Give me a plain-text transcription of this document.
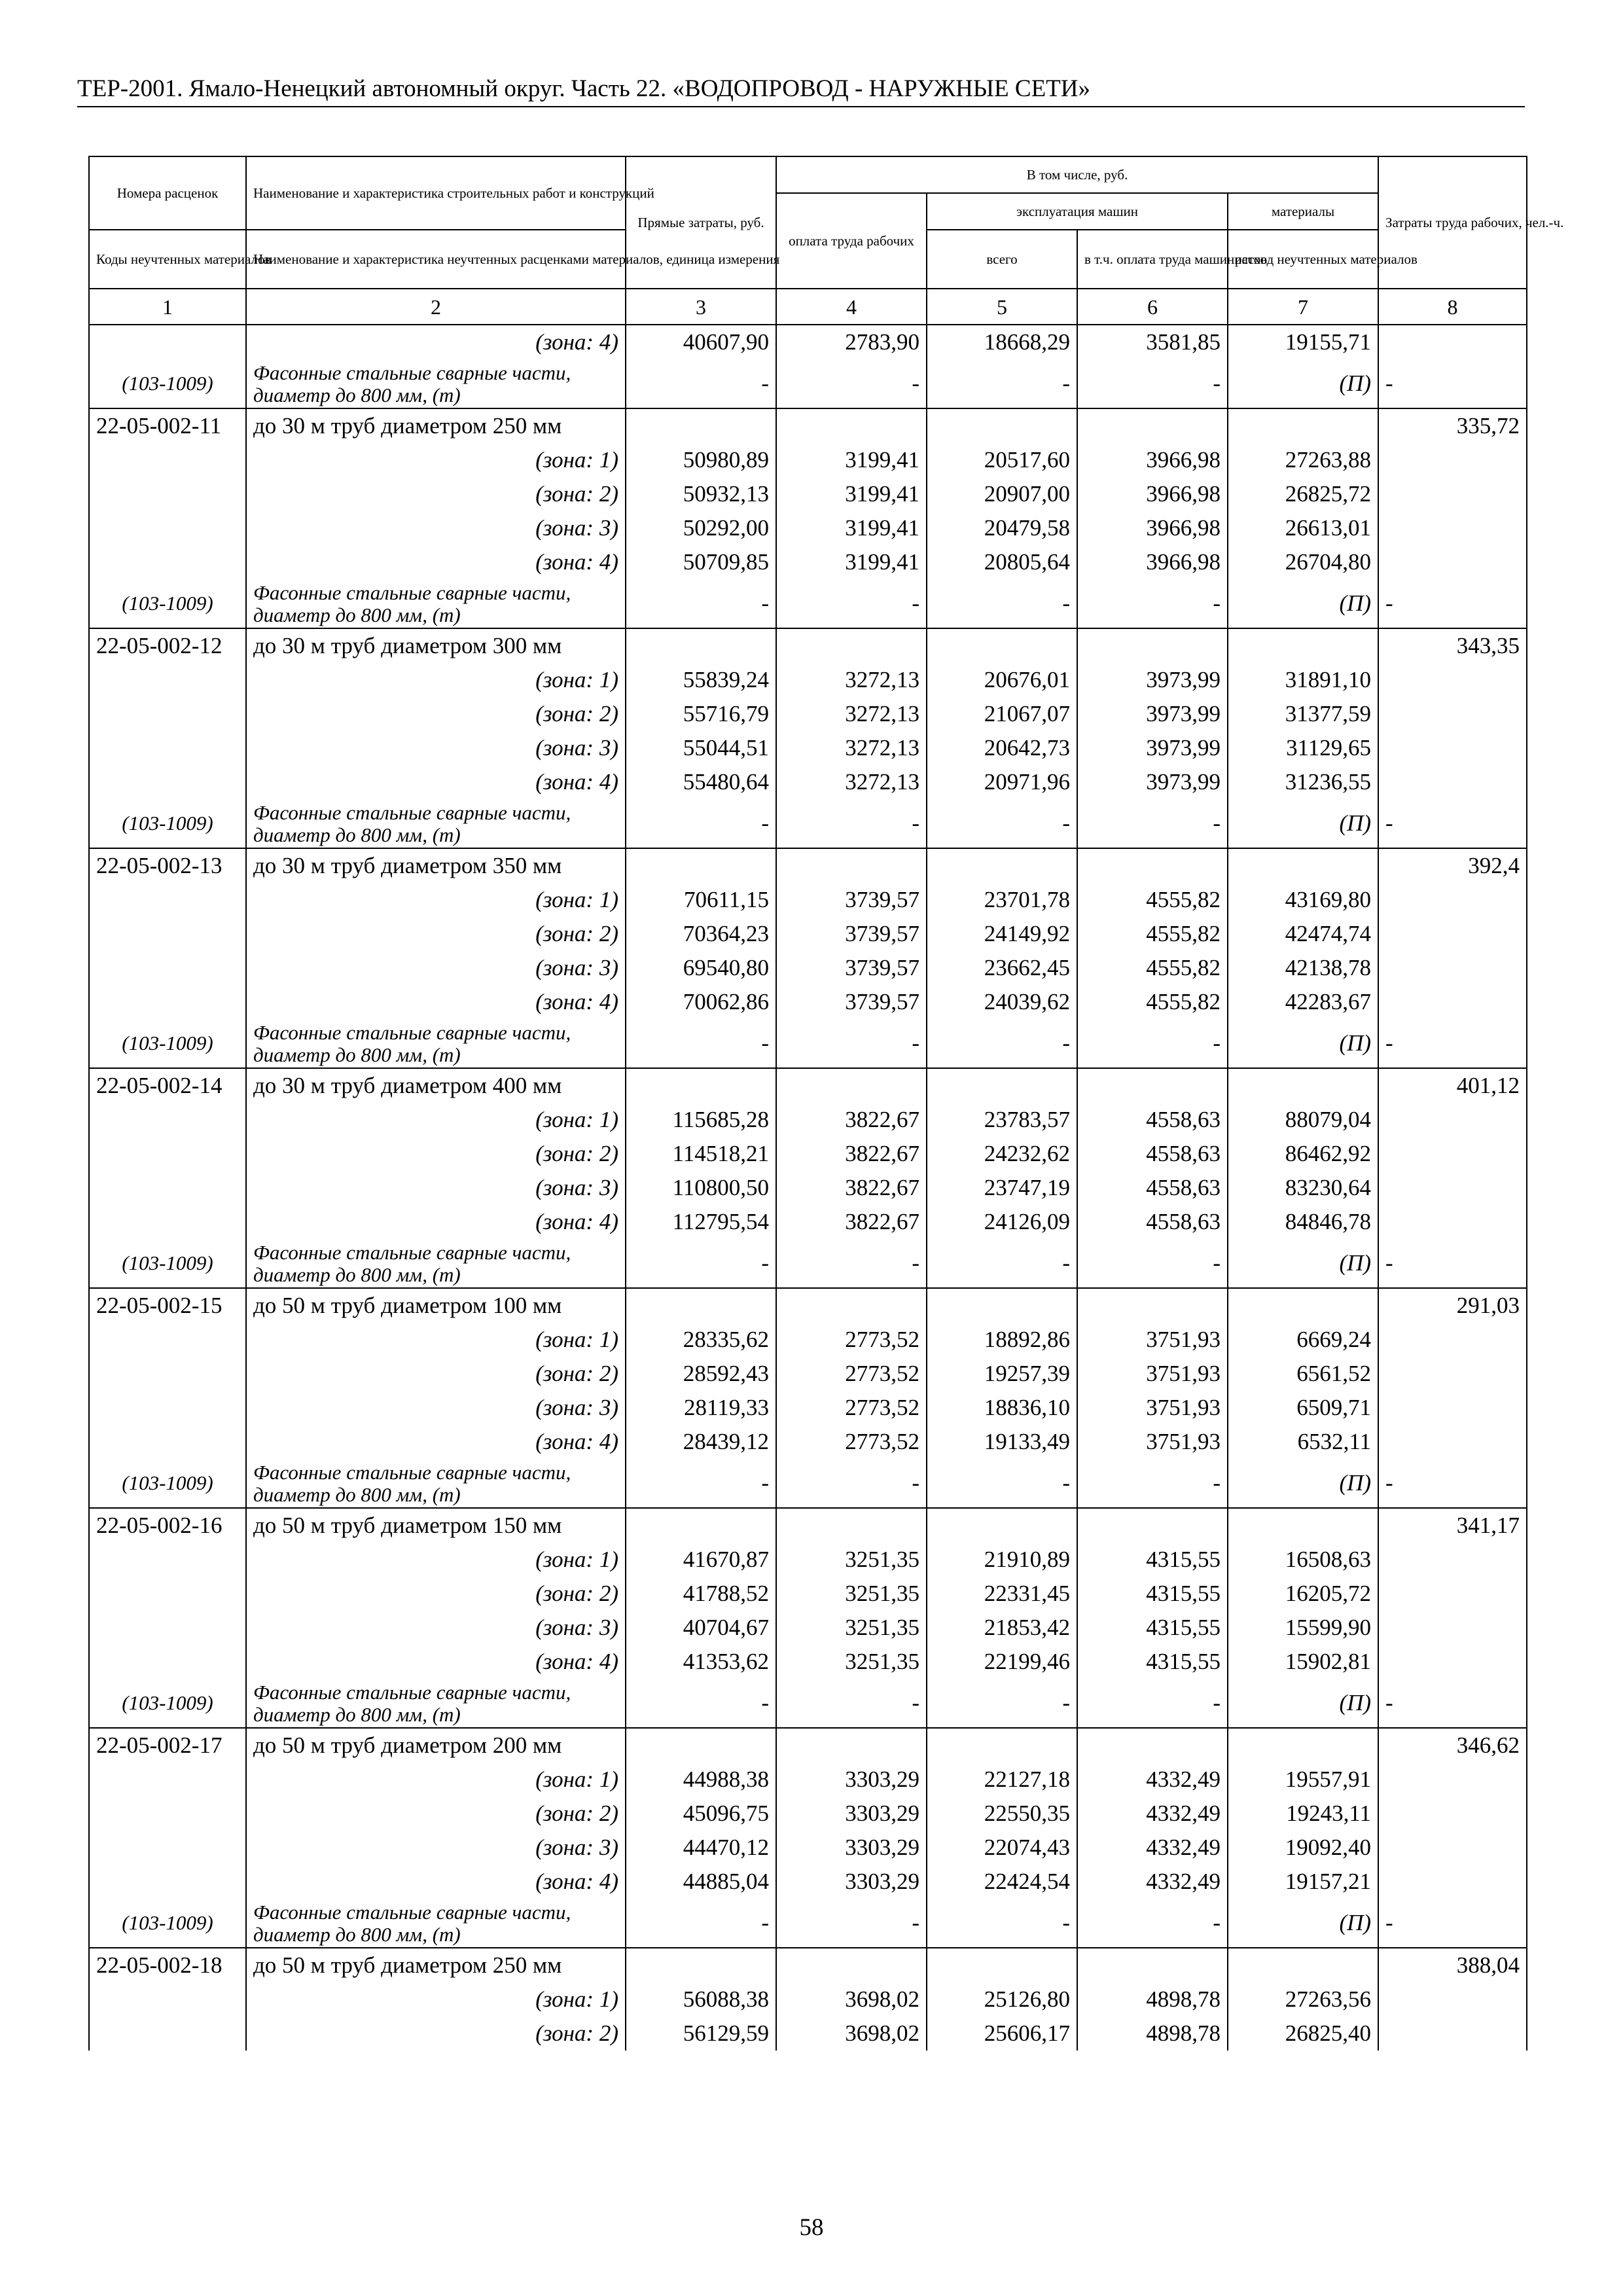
ТЕР-2001. Ямало-Ненецкий автономный округ. Часть 22. «ВОДОПРОВОД - НАРУЖНЫЕ СЕТИ»
Номера расценок	Наименование и характеристика строительных работ и конструкций	Прямые затраты, руб.	В том числе, руб.				Затраты труда рабочих, чел.-ч.	
			оплата труда рабочих	эксплуатация машин		материалы		
Коды неучтенных материалов	Наименование и характеристика неучтенных расценками материалов, единица измерения			всего	в т.ч. оплата труда машинистов	расход неучтенных материалов		
1	2	3	4	5	6	7	8	
	(зона: 4)	40607,90	2783,90	18668,29	3581,85	19155,71		
(103-1009)	Фасонные стальные сварные части, диаметр до 800 мм, (т)	-	-	-	-	(П)	-	
22-05-002-11	до 30 м труб диаметром 250 мм						335,72	
	(зона: 1)	50980,89	3199,41	20517,60	3966,98	27263,88		
	(зона: 2)	50932,13	3199,41	20907,00	3966,98	26825,72		
	(зона: 3)	50292,00	3199,41	20479,58	3966,98	26613,01		
	(зона: 4)	50709,85	3199,41	20805,64	3966,98	26704,80		
(103-1009)	Фасонные стальные сварные части, диаметр до 800 мм, (т)	-	-	-	-	(П)	-	
22-05-002-12	до 30 м труб диаметром 300 мм						343,35	
	(зона: 1)	55839,24	3272,13	20676,01	3973,99	31891,10		
	(зона: 2)	55716,79	3272,13	21067,07	3973,99	31377,59		
	(зона: 3)	55044,51	3272,13	20642,73	3973,99	31129,65		
	(зона: 4)	55480,64	3272,13	20971,96	3973,99	31236,55		
(103-1009)	Фасонные стальные сварные части, диаметр до 800 мм, (т)	-	-	-	-	(П)	-	
22-05-002-13	до 30 м труб диаметром 350 мм						392,4	
	(зона: 1)	70611,15	3739,57	23701,78	4555,82	43169,80		
	(зона: 2)	70364,23	3739,57	24149,92	4555,82	42474,74		
	(зона: 3)	69540,80	3739,57	23662,45	4555,82	42138,78		
	(зона: 4)	70062,86	3739,57	24039,62	4555,82	42283,67		
(103-1009)	Фасонные стальные сварные части, диаметр до 800 мм, (т)	-	-	-	-	(П)	-	
22-05-002-14	до 30 м труб диаметром 400 мм						401,12	
	(зона: 1)	115685,28	3822,67	23783,57	4558,63	88079,04		
	(зона: 2)	114518,21	3822,67	24232,62	4558,63	86462,92		
	(зона: 3)	110800,50	3822,67	23747,19	4558,63	83230,64		
	(зона: 4)	112795,54	3822,67	24126,09	4558,63	84846,78		
(103-1009)	Фасонные стальные сварные части, диаметр до 800 мм, (т)	-	-	-	-	(П)	-	
22-05-002-15	до 50 м труб диаметром 100 мм						291,03	
	(зона: 1)	28335,62	2773,52	18892,86	3751,93	6669,24		
	(зона: 2)	28592,43	2773,52	19257,39	3751,93	6561,52		
	(зона: 3)	28119,33	2773,52	18836,10	3751,93	6509,71		
	(зона: 4)	28439,12	2773,52	19133,49	3751,93	6532,11		
(103-1009)	Фасонные стальные сварные части, диаметр до 800 мм, (т)	-	-	-	-	(П)	-	
22-05-002-16	до 50 м труб диаметром 150 мм						341,17	
	(зона: 1)	41670,87	3251,35	21910,89	4315,55	16508,63		
	(зона: 2)	41788,52	3251,35	22331,45	4315,55	16205,72		
	(зона: 3)	40704,67	3251,35	21853,42	4315,55	15599,90		
	(зона: 4)	41353,62	3251,35	22199,46	4315,55	15902,81		
(103-1009)	Фасонные стальные сварные части, диаметр до 800 мм, (т)	-	-	-	-	(П)	-	
22-05-002-17	до 50 м труб диаметром 200 мм						346,62	
	(зона: 1)	44988,38	3303,29	22127,18	4332,49	19557,91		
	(зона: 2)	45096,75	3303,29	22550,35	4332,49	19243,11		
	(зона: 3)	44470,12	3303,29	22074,43	4332,49	19092,40		
	(зона: 4)	44885,04	3303,29	22424,54	4332,49	19157,21		
(103-1009)	Фасонные стальные сварные части, диаметр до 800 мм, (т)	-	-	-	-	(П)	-	
22-05-002-18	до 50 м труб диаметром 250 мм						388,04	
	(зона: 1)	56088,38	3698,02	25126,80	4898,78	27263,56		
	(зона: 2)	56129,59	3698,02	25606,17	4898,78	26825,40		
58
